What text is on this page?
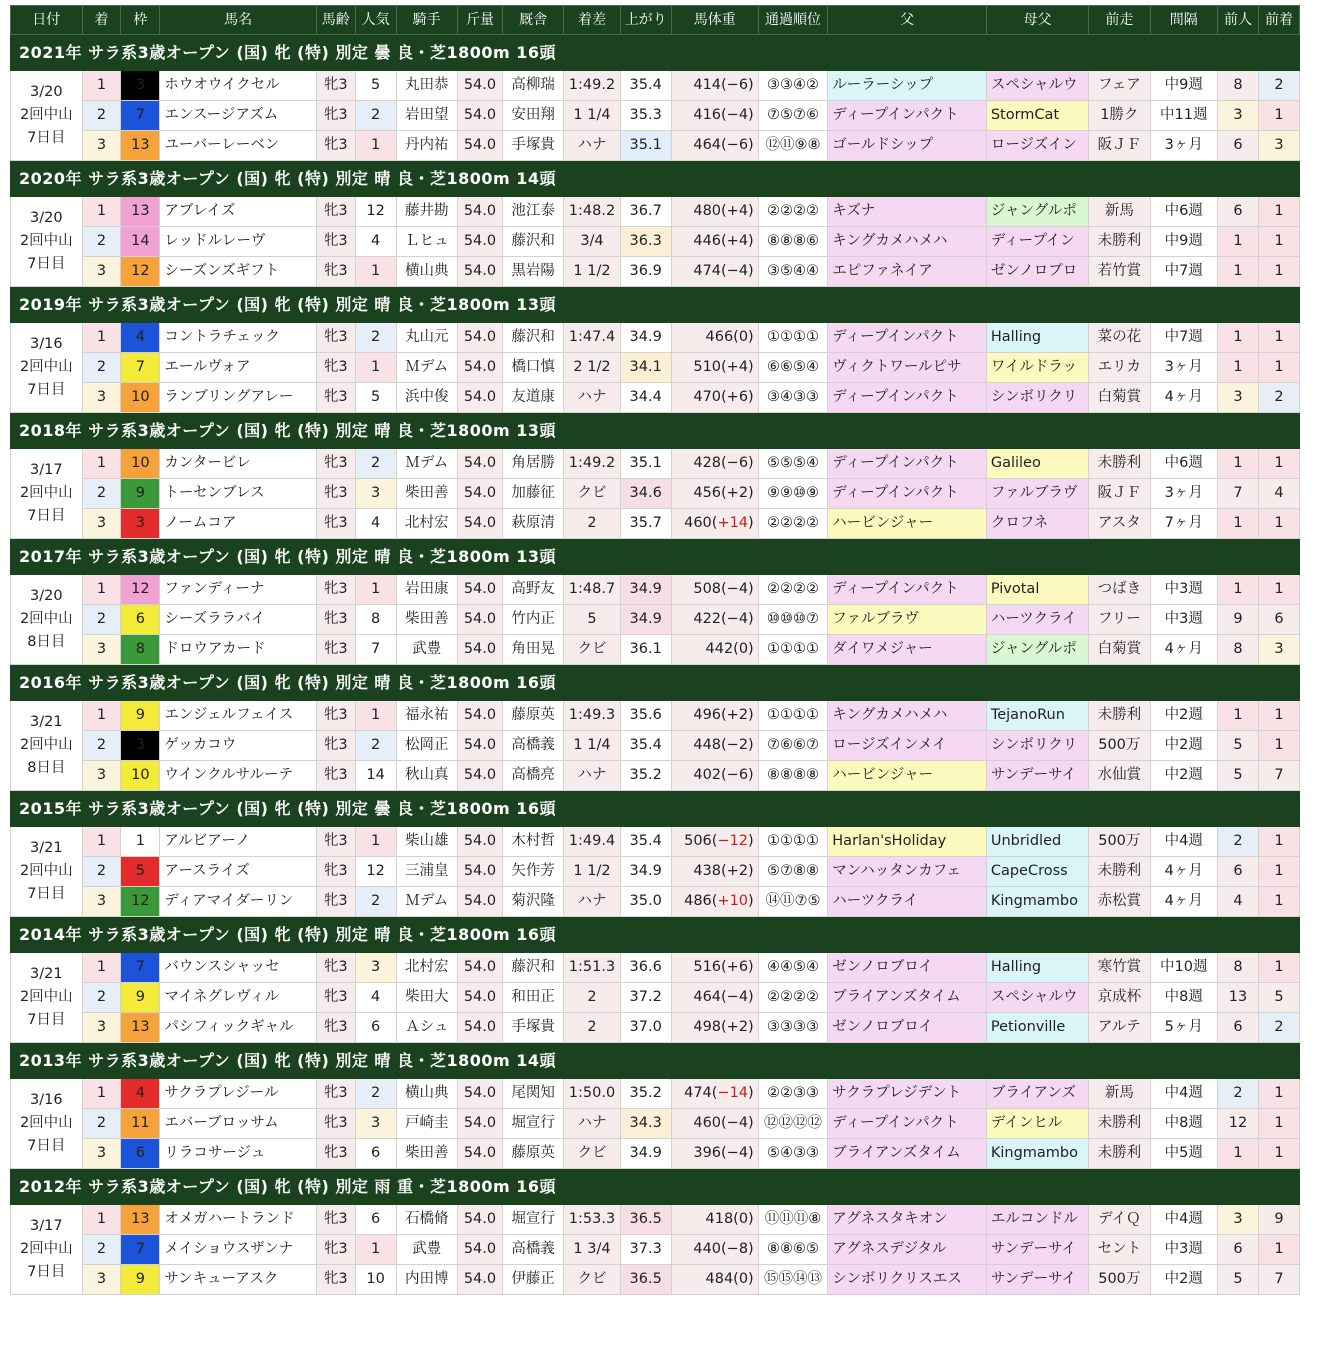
日付	着	枠	馬名	馬齢	人気	騎手	斤量	厩舎	着差	上がり	馬体重	通過順位	父	母父	前走	間隔	前人	前着
2021年 サラ系3歳オープン (国) 牝 (特) 別定 曇 良・芝1800m 16頭																		

3/20
2回中山
7日目	1	3	ホウオウイクセル	牝3	5	丸田恭	54.0	高柳瑞	1:49.2	35.4	414(−6)	③③④②	ルーラーシップ	スペシャルウ	フェア	中9週	8	2
	2	7	エンスージアズム	牝3	2	岩田望	54.0	安田翔	1 1/4	35.3	416(−4)	⑦⑤⑦⑥	ディープインパクト	StormCat	1勝ク	中11週	3	1
	3	13	ユーバーレーベン	牝3	1	丹内祐	54.0	手塚貴	ハナ	35.1	464(−6)	⑫⑪⑨⑧	ゴールドシップ	ロージズイン	阪ＪＦ	3ヶ月	6	3
2020年 サラ系3歳オープン (国) 牝 (特) 別定 晴 良・芝1800m 14頭																		

3/20
2回中山
7日目	1	13	アブレイズ	牝3	12	藤井勘	54.0	池江泰	1:48.2	36.7	480(+4)	②②②②	キズナ	ジャングルポ	新馬	中6週	6	1
	2	14	レッドルレーヴ	牝3	4	Ｌヒュ	54.0	藤沢和	3/4	36.3	446(+4)	⑧⑧⑧⑥	キングカメハメハ	ディープイン	未勝利	中9週	1	1
	3	12	シーズンズギフト	牝3	1	横山典	54.0	黒岩陽	1 1/2	36.9	474(−4)	③⑤④④	エピファネイア	ゼンノロブロ	若竹賞	中7週	1	1
2019年 サラ系3歳オープン (国) 牝 (特) 別定 晴 良・芝1800m 13頭																		

3/16
2回中山
7日目	1	4	コントラチェック	牝3	2	丸山元	54.0	藤沢和	1:47.4	34.9	466(0)	①①①①	ディープインパクト	Halling	菜の花	中7週	1	1
	2	7	エールヴォア	牝3	1	Ｍデム	54.0	橋口慎	2 1/2	34.1	510(+4)	⑥⑥⑤④	ヴィクトワールピサ	ワイルドラッ	エリカ	3ヶ月	1	1
	3	10	ランブリングアレー	牝3	5	浜中俊	54.0	友道康	ハナ	34.4	470(+6)	③④③③	ディープインパクト	シンボリクリ	白菊賞	4ヶ月	3	2
2018年 サラ系3歳オープン (国) 牝 (特) 別定 晴 良・芝1800m 13頭																		

3/17
2回中山
7日目	1	10	カンタービレ	牝3	2	Ｍデム	54.0	角居勝	1:49.2	35.1	428(−6)	⑤⑤⑤④	ディープインパクト	Galileo	未勝利	中6週	1	1
	2	9	トーセンブレス	牝3	3	柴田善	54.0	加藤征	クビ	34.6	456(+2)	⑨⑨⑩⑨	ディープインパクト	ファルブラヴ	阪ＪＦ	3ヶ月	7	4
	3	3	ノームコア	牝3	4	北村宏	54.0	萩原清	2	35.7	460(+14)	②②②②	ハービンジャー	クロフネ	アスタ	7ヶ月	1	1
2017年 サラ系3歳オープン (国) 牝 (特) 別定 晴 良・芝1800m 13頭																		

3/20
2回中山
8日目	1	12	ファンディーナ	牝3	1	岩田康	54.0	高野友	1:48.7	34.9	508(−4)	②②②②	ディープインパクト	Pivotal	つばき	中3週	1	1
	2	6	シーズララバイ	牝3	8	柴田善	54.0	竹内正	5	34.9	422(−4)	⑩⑩⑩⑦	ファルブラヴ	ハーツクライ	フリー	中3週	9	6
	3	8	ドロウアカード	牝3	7	武豊	54.0	角田晃	クビ	36.1	442(0)	①①①①	ダイワメジャー	ジャングルポ	白菊賞	4ヶ月	8	3
2016年 サラ系3歳オープン (国) 牝 (特) 別定 晴 良・芝1800m 16頭																		

3/21
2回中山
8日目	1	9	エンジェルフェイス	牝3	1	福永祐	54.0	藤原英	1:49.3	35.6	496(+2)	①①①①	キングカメハメハ	TejanoRun	未勝利	中2週	1	1
	2	3	ゲッカコウ	牝3	2	松岡正	54.0	高橋義	1 1/4	35.4	448(−2)	⑦⑥⑥⑦	ロージズインメイ	シンボリクリ	500万	中2週	5	1
	3	10	ウインクルサルーテ	牝3	14	秋山真	54.0	高橋亮	ハナ	35.2	402(−6)	⑧⑧⑧⑧	ハービンジャー	サンデーサイ	水仙賞	中2週	5	7
2015年 サラ系3歳オープン (国) 牝 (特) 別定 曇 良・芝1800m 16頭																		

3/21
2回中山
7日目	1	1	アルビアーノ	牝3	1	柴山雄	54.0	木村哲	1:49.4	35.4	506(−12)	①①①①	Harlan'sHoliday	Unbridled	500万	中4週	2	1
	2	5	アースライズ	牝3	12	三浦皇	54.0	矢作芳	1 1/2	34.9	438(+2)	⑤⑦⑧⑧	マンハッタンカフェ	CapeCross	未勝利	4ヶ月	6	1
	3	12	ディアマイダーリン	牝3	2	Ｍデム	54.0	菊沢隆	ハナ	35.0	486(+10)	⑭⑪⑦⑤	ハーツクライ	Kingmambo	赤松賞	4ヶ月	4	1
2014年 サラ系3歳オープン (国) 牝 (特) 別定 晴 良・芝1800m 16頭																		

3/21
2回中山
7日目	1	7	バウンスシャッセ	牝3	3	北村宏	54.0	藤沢和	1:51.3	36.6	516(+6)	④④⑤④	ゼンノロブロイ	Halling	寒竹賞	中10週	8	1
	2	9	マイネグレヴィル	牝3	4	柴田大	54.0	和田正	2	37.2	464(−4)	②②②②	ブライアンズタイム	スペシャルウ	京成杯	中8週	13	5
	3	13	パシフィックギャル	牝3	6	Ａシュ	54.0	手塚貴	2	37.0	498(+2)	③③③③	ゼンノロブロイ	Petionville	アルテ	5ヶ月	6	2
2013年 サラ系3歳オープン (国) 牝 (特) 別定 晴 良・芝1800m 14頭																		

3/16
2回中山
7日目	1	4	サクラプレジール	牝3	2	横山典	54.0	尾関知	1:50.0	35.2	474(−14)	②②③③	サクラプレジデント	ブライアンズ	新馬	中4週	2	1
	2	11	エバーブロッサム	牝3	3	戸崎圭	54.0	堀宣行	ハナ	34.3	460(−4)	⑫⑫⑫⑫	ディープインパクト	デインヒル	未勝利	中8週	12	1
	3	6	リラコサージュ	牝3	6	柴田善	54.0	藤原英	クビ	34.9	396(−4)	⑤④③③	ブライアンズタイム	Kingmambo	未勝利	中5週	1	1
2012年 サラ系3歳オープン (国) 牝 (特) 別定 雨 重・芝1800m 16頭																		

3/17
2回中山
7日目	1	13	オメガハートランド	牝3	6	石橋脩	54.0	堀宣行	1:53.3	36.5	418(0)	⑪⑪⑪⑧	アグネスタキオン	エルコンドル	デイＱ	中4週	3	9
	2	7	メイショウスザンナ	牝3	1	武豊	54.0	高橋義	1 3/4	37.3	440(−8)	⑧⑧⑥⑤	アグネスデジタル	サンデーサイ	セント	中3週	6	1
	3	9	サンキューアスク	牝3	10	内田博	54.0	伊藤正	クビ	36.5	484(0)	⑮⑮⑭⑬	シンボリクリスエス	サンデーサイ	500万	中2週	5	7
